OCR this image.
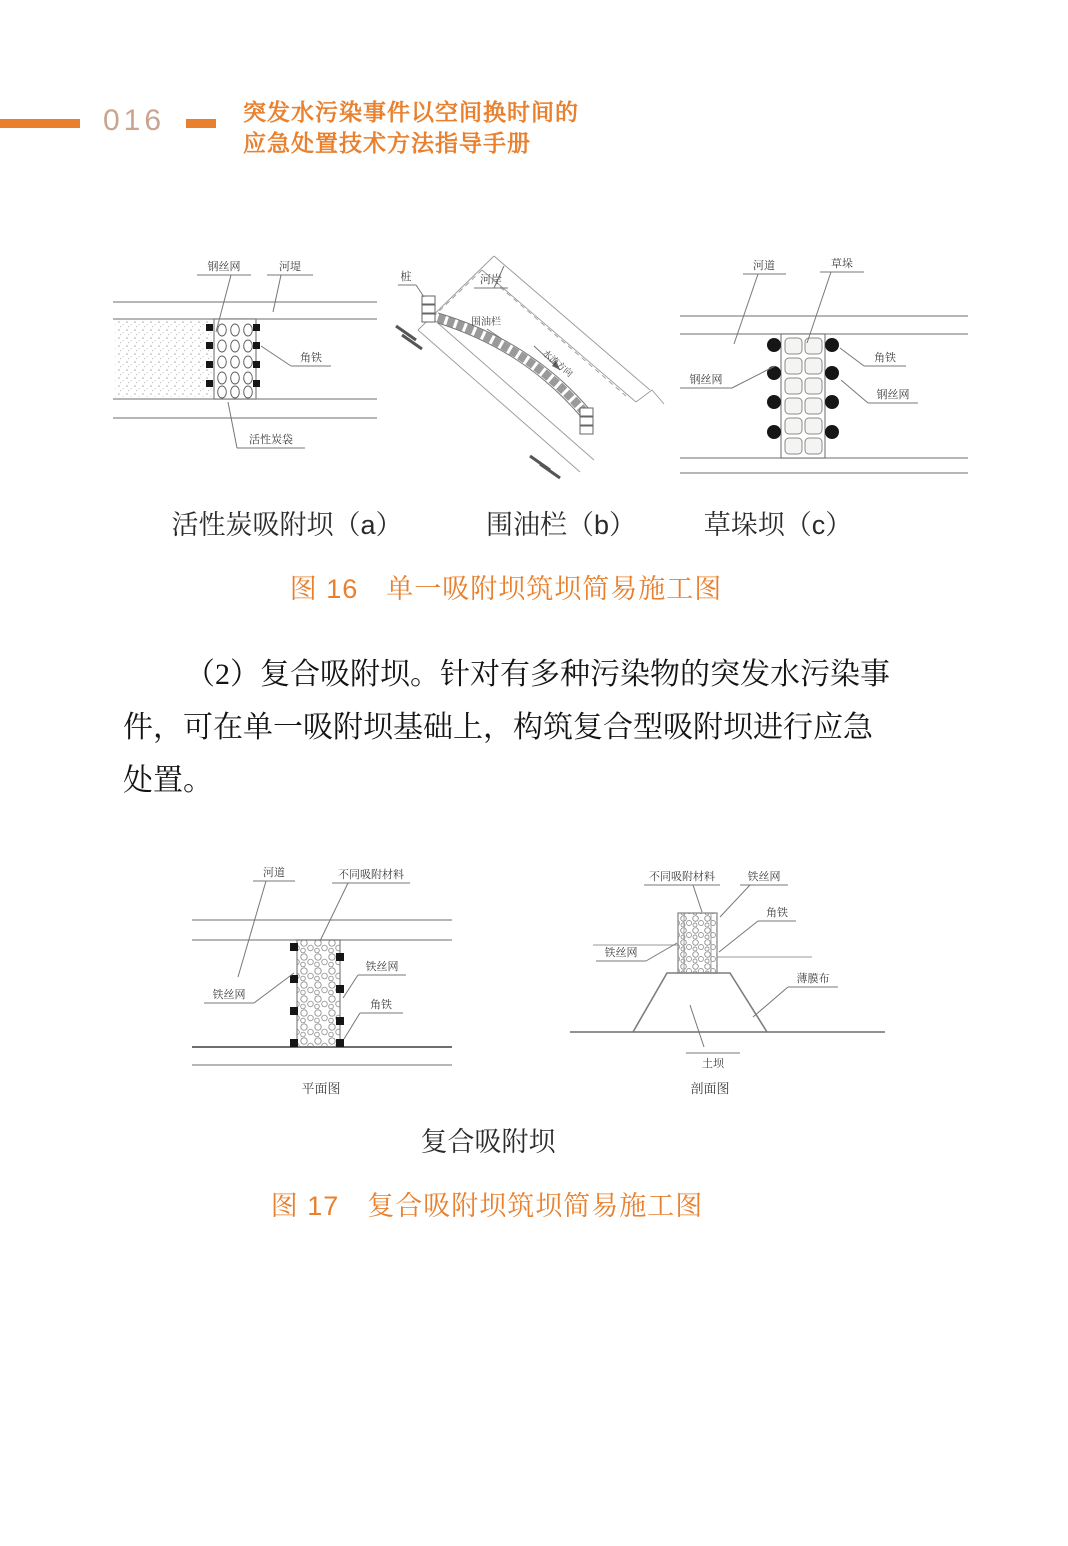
016	突发水污染事件以空间换时间的
应急处置技术方法指导手册
钢丝网	河堤
角铁
活性炭袋
桩	河岸
围油栏
水流方向
河道	草垛
角铁
钢丝网
钢丝网
活性炭吸附坝（a）	围油栏（b）	草垛坝（c）
图 16　单一吸附坝筑坝简易施工图
（2）复合吸附坝。针对有多种污染物的突发水污染事
件，可在单一吸附坝基础上，构筑复合型吸附坝进行应急
处置。
河道	不同吸附材料
铁丝网
铁丝网
角铁
平面图
不同吸附材料	铁丝网
角铁
铁丝网
薄膜布
土坝
剖面图
复合吸附坝
图 17　复合吸附坝筑坝简易施工图
